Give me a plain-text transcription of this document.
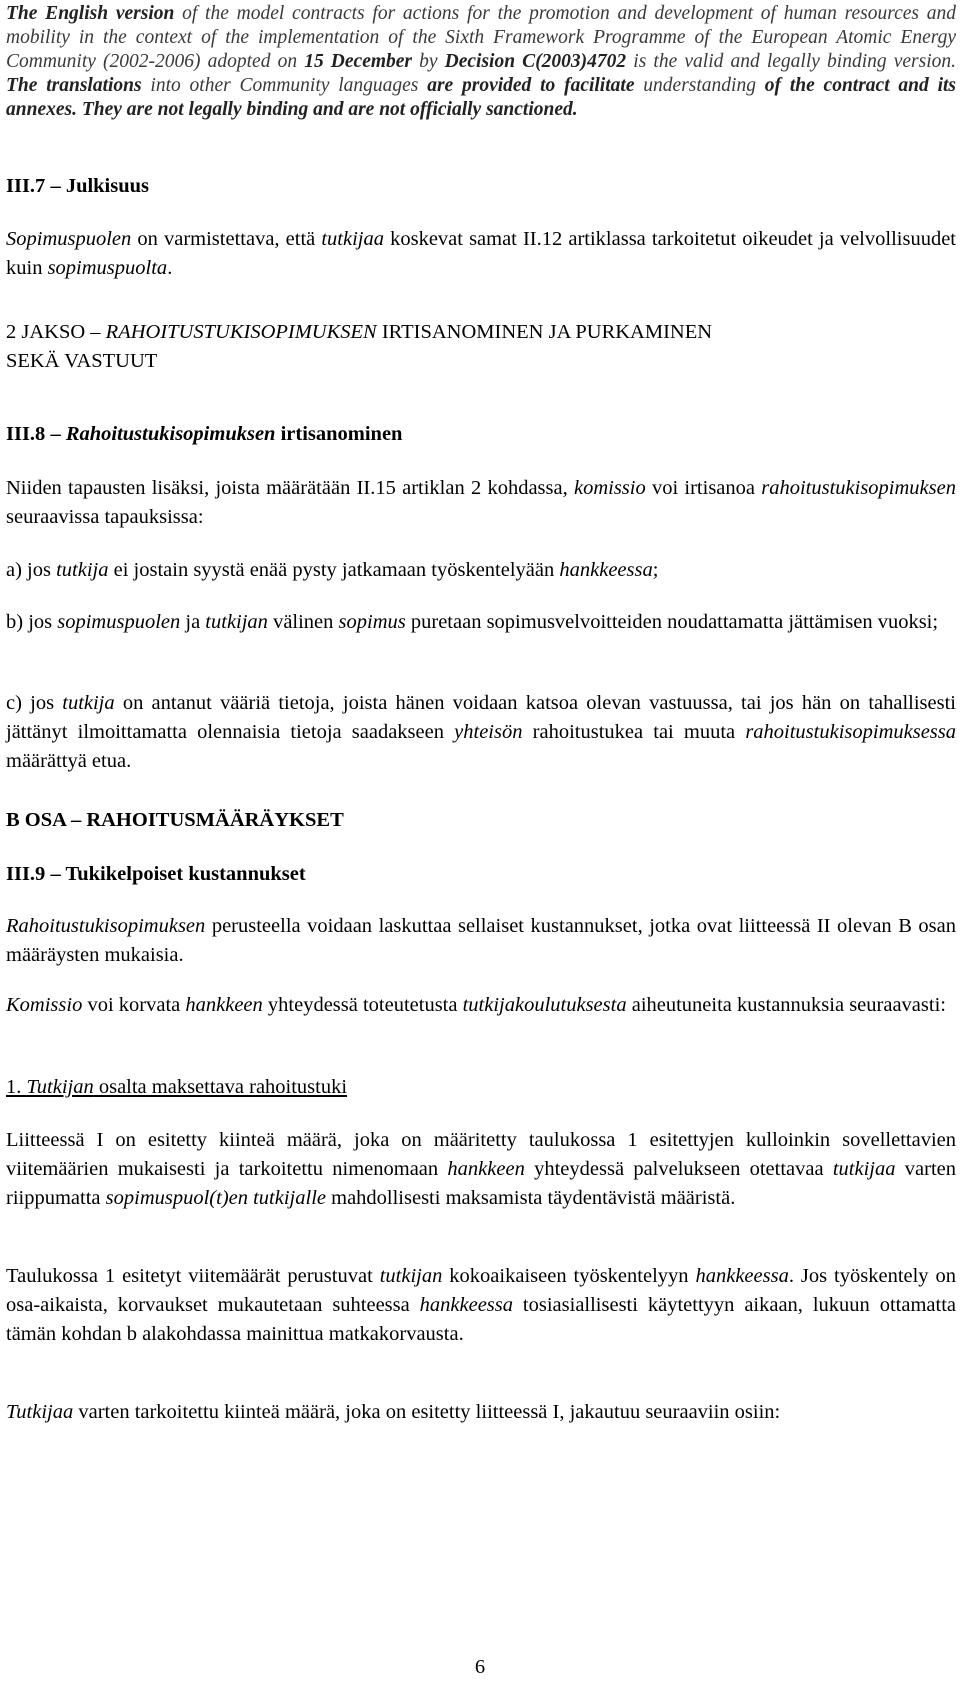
The English version of the model contracts for actions for the promotion and development of human resources and mobility in the context of the implementation of the Sixth Framework Programme of the European Atomic Energy Community (2002-2006) adopted on 15 December by Decision C(2003)4702 is the valid and legally binding version. The translations into other Community languages are provided to facilitate understanding of the contract and its annexes. They are not legally binding and are not officially sanctioned.
III.7 – Julkisuus
Sopimuspuolen on varmistettava, että tutkijaa koskevat samat II.12 artiklassa tarkoitetut oikeudet ja velvollisuudet kuin sopimuspuolta.
2 JAKSO – RAHOITUSTUKISOPIMUKSEN IRTISANOMINEN JA PURKAMINEN SEKÄ VASTUUT
III.8 – Rahoitustukisopimuksen irtisanominen
Niiden tapausten lisäksi, joista määrätään II.15 artiklan 2 kohdassa, komissio voi irtisanoa rahoitustukisopimuksen seuraavissa tapauksissa:
a) jos tutkija ei jostain syystä enää pysty jatkamaan työskentelyään hankkeessa;
b) jos sopimuspuolen ja tutkijan välinen sopimus puretaan sopimusvelvoitteiden noudattamatta jättämisen vuoksi;
c) jos tutkija on antanut vääriä tietoja, joista hänen voidaan katsoa olevan vastuussa, tai jos hän on tahallisesti jättänyt ilmoittamatta olennaisia tietoja saadakseen yhteisön rahoitustukea tai muuta rahoitustukisopimuksessa määrättyä etua.
B OSA – RAHOITUSMÄÄRÄYKSET
III.9 – Tukikelpoiset kustannukset
Rahoitustukisopimuksen perusteella voidaan laskuttaa sellaiset kustannukset, jotka ovat liitteessä II olevan B osan määräysten mukaisia.
Komissio voi korvata hankkeen yhteydessä toteutetusta tutkijakoulutuksesta aiheutuneita kustannuksia seuraavasti:
1. Tutkijan osalta maksettava rahoitustuki
Liitteessä I on esitetty kiinteä määrä, joka on määritetty taulukossa 1 esitettyjen kulloinkin sovellettavien viitemäärien mukaisesti ja tarkoitettu nimenomaan hankkeen yhteydessä palvelukseen otettavaa tutkijaa varten riippumatta sopimuspuol(t)en tutkijalle mahdollisesti maksamista täydentävistä määristä.
Taulukossa 1 esitetyt viitemäärät perustuvat tutkijan kokoaikaiseen työskentelyyn hankkeessa. Jos työskentely on osa-aikaista, korvaukset mukautetaan suhteessa hankkeessa tosiasiallisesti käytettyyn aikaan, lukuun ottamatta tämän kohdan b alakohdassa mainittua matkakorvausta.
Tutkijaa varten tarkoitettu kiinteä määrä, joka on esitetty liitteessä I, jakautuu seuraaviin osiin:
6
